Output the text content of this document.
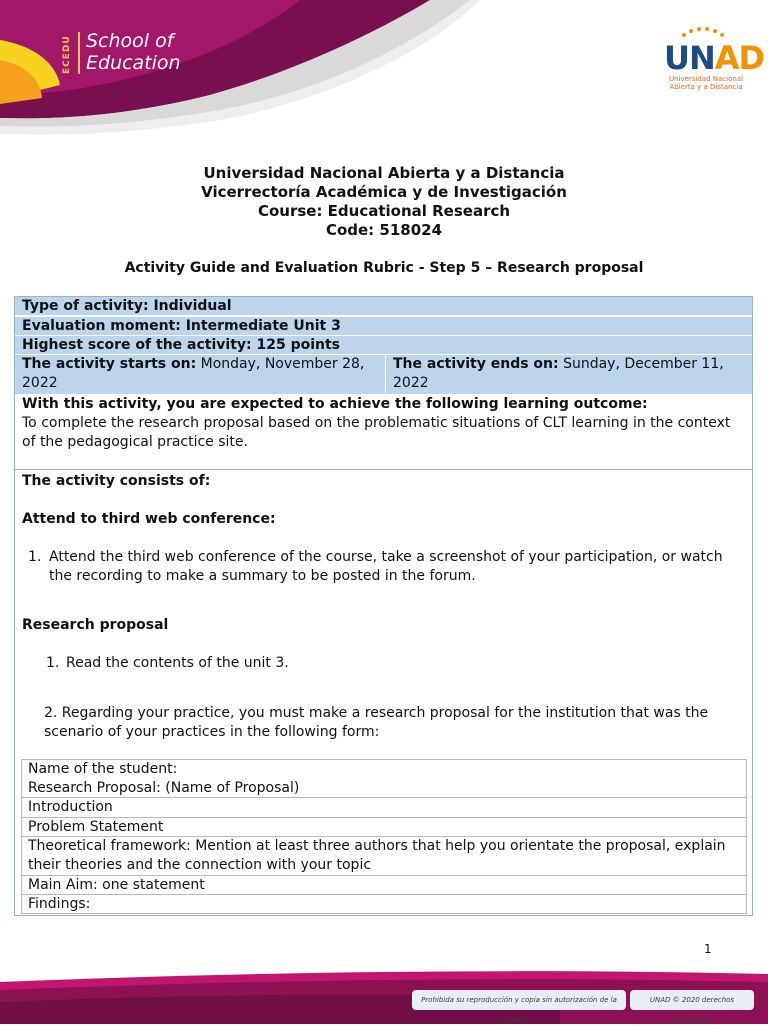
ECEDU School of
Education	UNAD
Universidad Nacional
Abierta y a Distancia
Universidad Nacional Abierta y a Distancia
Vicerrectoría Académica y de Investigación
Course: Educational Research
Code: 518024
Activity Guide and Evaluation Rubric - Step 5 – Research proposal
Type of activity: Individual
Evaluation moment: Intermediate Unit 3
Highest score of the activity: 125 points
The activity starts on: Monday, November 28, 2022
The activity ends on: Sunday, December 11, 2022
With this activity, you are expected to achieve the following learning outcome:
To complete the research proposal based on the problematic situations of CLT learning in the context of the pedagogical practice site.
The activity consists of:
Attend to third web conference:
1. Attend the third web conference of the course, take a screenshot of your participation, or watch the recording to make a summary to be posted in the forum.
Research proposal
1. Read the contents of the unit 3.
2. Regarding your practice, you must make a research proposal for the institution that was the scenario of your practices in the following form:
Name of the student:
Research Proposal: (Name of Proposal)
Introduction
Problem Statement
Theoretical framework: Mention at least three authors that help you orientate the proposal, explain their theories and the connection with your topic
Main Aim: one statement
Findings:
1
Prohibida su reproducción y copia sin autorización de la UNAD.
UNAD © 2020 derechos reservados.
